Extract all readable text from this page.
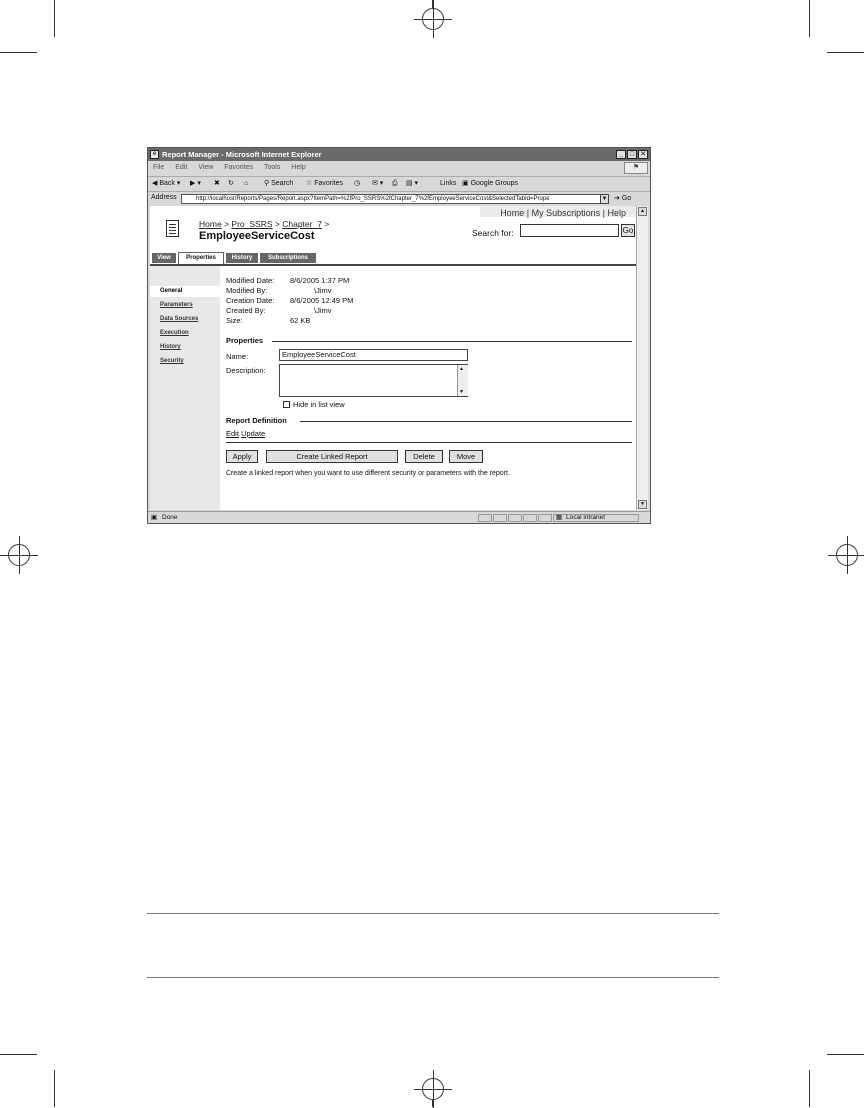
e Report Manager - Microsoft Internet Explorer	_ □ ✕
File Edit View Favorites Tools Help	⚑
◀ Back ▾ ▶ ▾ ✖ ↻ ⌂ ⚲ Search ☆ Favorites ◷ ✉ ▾ ⎙ ▤ ▾	Links ▣ Google Groups
Address	http://localhost/Reports/Pages/Report.aspx?ItemPath=%2fPro_SSRS%2fChapter_7%2fEmployeeServiceCost&SelectedTabId=Prope	▼ ➔ Go
Home | My Subscriptions | Help
Home > Pro_SSRS > Chapter_7 >
EmployeeServiceCost	Search for:	Go
View	Properties	History	Subscriptions
General
Parameters
Data Sources
Execution
History
Security
Modified Date: 8/6/2005 1:37 PM
Modified By:	\Jimv
Creation Date: 8/6/2005 12:49 PM
Created By:	\Jimv
Size:	62 KB
Properties
Name:	EmployeeServiceCost
Description:	▲
▼
Hide in list view
Report Definition
Edit Update
Apply	Create Linked Report	Delete	Move
Create a linked report when you want to use different security or parameters with the report.
▲
▼
▣ Done	▦ Local intranet
